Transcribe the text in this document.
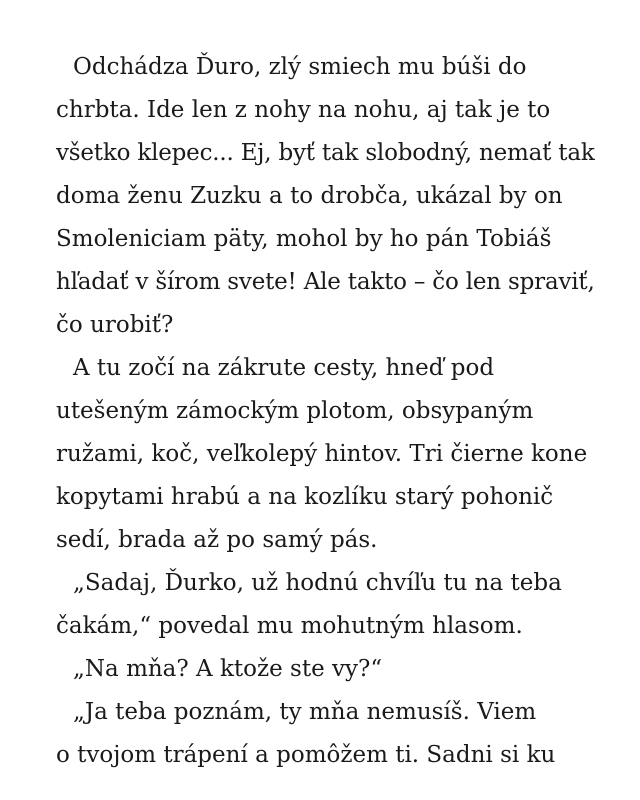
Odchádza Ďuro, zlý smiech mu búši do
chrbta. Ide len z nohy na nohu, aj tak je to
všetko klepec... Ej, byť tak slobodný, nemať tak
doma ženu Zuzku a to drobča, ukázal by on
Smoleniciam päty, mohol by ho pán Tobiáš
hľadať v šírom svete! Ale takto – čo len spraviť,
čo urobiť?
A tu zočí na zákrute cesty, hneď pod
utešeným zámockým plotom, obsypaným
ružami, koč, veľkolepý hintov. Tri čierne kone
kopytami hrabú a na kozlíku starý pohonič
sedí, brada až po samý pás.
„Sadaj, Ďurko, už hodnú chvíľu tu na teba
čakám,“ povedal mu mohutným hlasom.
„Na mňa? A ktože ste vy?“
„Ja teba poznám, ty mňa nemusíš. Viem
o tvojom trápení a pomôžem ti. Sadni si ku
